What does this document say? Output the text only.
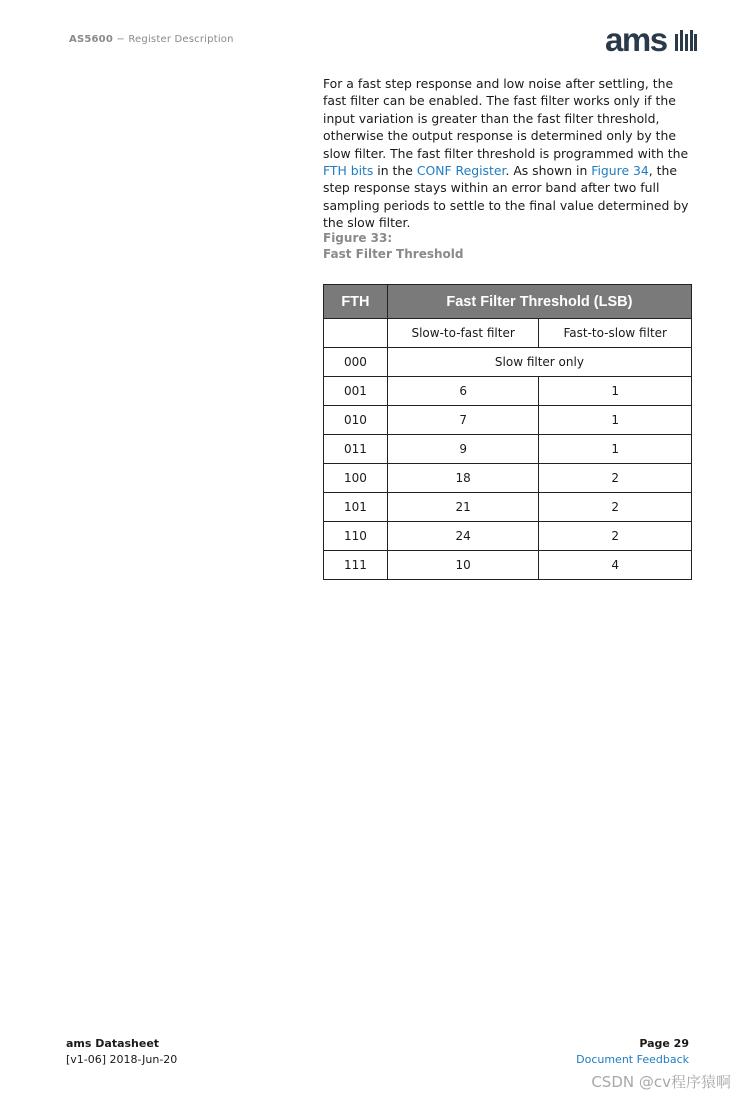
AS5600 − Register Description	ams
For a fast step response and low noise after settling, the fast filter can be enabled. The fast filter works only if the input variation is greater than the fast filter threshold, otherwise the output response is determined only by the slow filter. The fast filter threshold is programmed with the FTH bits in the CONF Register. As shown in Figure 34, the step response stays within an error band after two full sampling periods to settle to the final value determined by the slow filter.
Figure 33:
Fast Filter Threshold
FTH	Fast Filter Threshold (LSB)	
	Slow-to-fast filter	Fast-to-slow filter
000	Slow filter only	
001	6	1
010	7	1
011	9	1
100	18	2
101	21	2
110	24	2
111	10	4
ams Datasheet
[v1-06] 2018-Jun-20
Page 29
Document Feedback
CSDN @cv程序猿啊
